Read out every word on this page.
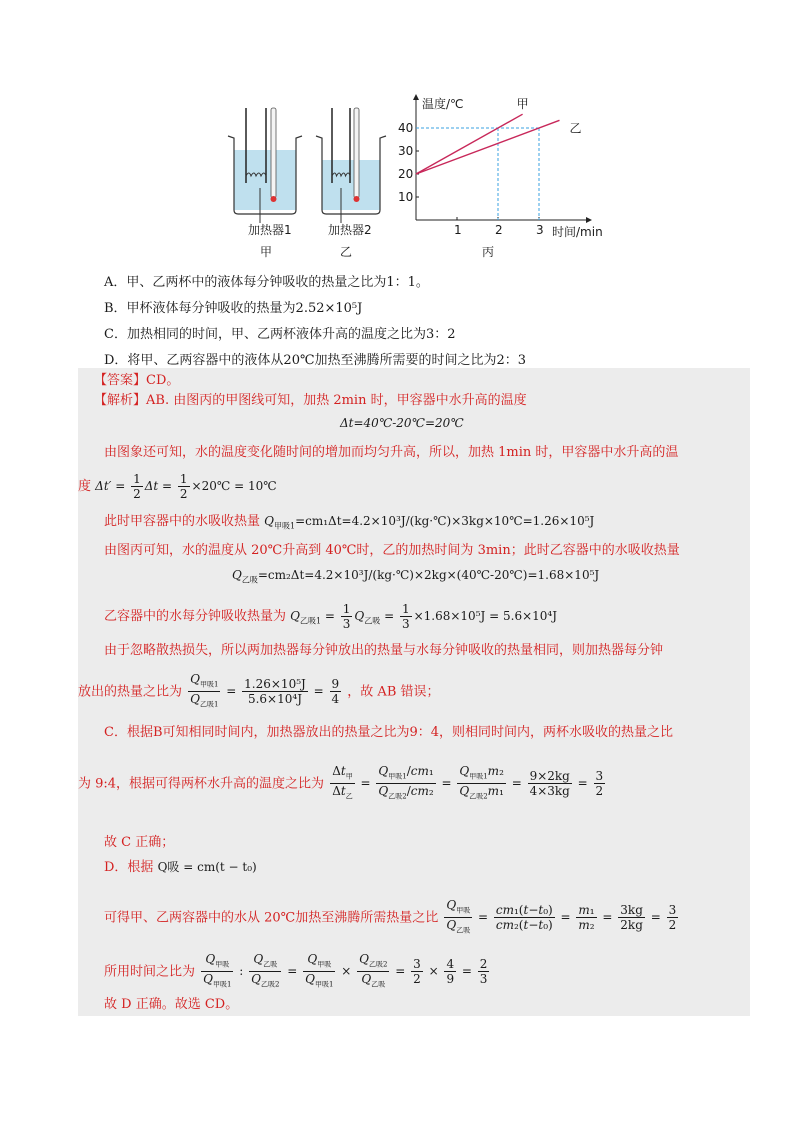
加热器1
甲
加热器2
乙
温度/℃
时间/min
丙
1	2	3
10
20
30
40
甲
乙
A．甲、乙两杯中的液体每分钟吸收的热量之比为1：1。
B．甲杯液体每分钟吸收的热量为2.52×10⁵J
C．加热相同的时间，甲、乙两杯液体升高的温度之比为3：2
D．将甲、乙两容器中的液体从20℃加热至沸腾所需要的时间之比为2：3
【答案】CD。
【解析】AB. 由图丙的甲图线可知，加热 2min 时，甲容器中水升高的温度
Δt=40℃-20℃=20℃
由图象还可知，水的温度变化随时间的增加而均匀升高，所以，加热 1min 时，甲容器中水升高的温
度 $\Delta t' = \frac{1}{2}$ $\Delta t = \frac{1}{2}$ ×20℃ = 10℃
此时甲容器中的水吸收热量 $Q_{甲吸1}=cm_1\Delta t=4.2\times 10^3J/(kg\cdot℃)\times 3kg\times 10℃=1.26\times 10^5J$
由图丙可知，水的温度从 20℃升高到 40℃时，乙的加热时间为 3min；此时乙容器中的水吸收热量
$Q_{乙吸}=cm_2\Delta t=4.2\times 10^3J/(kg\cdot℃)\times 2kg\times(40℃-20℃)=1.68\times 10^5J$
乙容器中的水每分钟吸收热量为 $Q_{乙吸1} = \frac{1}{3} Q_{乙吸} = \frac{1}{3} \times 1.68\times 10^5J = 5.6\times 10^4J$
由于忽略散热损失，所以两加热器每分钟放出的热量与水每分钟吸收的热量相同，则加热器每分钟
放出的热量之比为 $\frac{Q_{甲吸1}}{Q_{乙吸1}} = \frac{\text{1.26×10⁵J}}{\text{5.6×10⁴J}} = \frac{9}{4}$ ，故 AB 错误；
C．根据B可知相同时间内，加热器放出的热量之比为9：4，则相同时间内，两杯水吸收的热量之比
为 9:4，根据可得两杯水升高的温度之比为 $\frac{\Delta t_甲}{\Delta t_乙} = \frac{Q_{甲吸1}/cm_1}{Q_{乙吸2}/cm_2} = \frac{Q_{甲吸1}m_2}{Q_{乙吸2}m_1} = \frac{9\times 2kg}{4\times 3kg} = \frac{3}{2}$
故 C 正确；
D．根据 Q吸 = cm(t − t₀)
可得甲、乙两容器中的水从 20℃加热至沸腾所需热量之比 $\frac{Q_{甲吸}}{Q_{乙吸}} = \frac{\text{cm₁(t−t₀)}}{\text{cm₂(t−t₀)}} = \frac{\text{m₁}}{\text{m₂}} = \frac{3kg}{2kg} = \frac{3}{2}$
所用时间之比为 $\frac{Q_{甲吸}}{Q_{甲吸1}}$ : $\frac{Q_{乙吸}}{Q_{乙吸2}} = \frac{Q_{甲吸}}{Q_{甲吸1}} \times \frac{Q_{乙吸2}}{Q_{乙吸}} = \frac{3}{2} \times \frac{4}{9} = \frac{2}{3}$
故 D 正确。故选 CD。
